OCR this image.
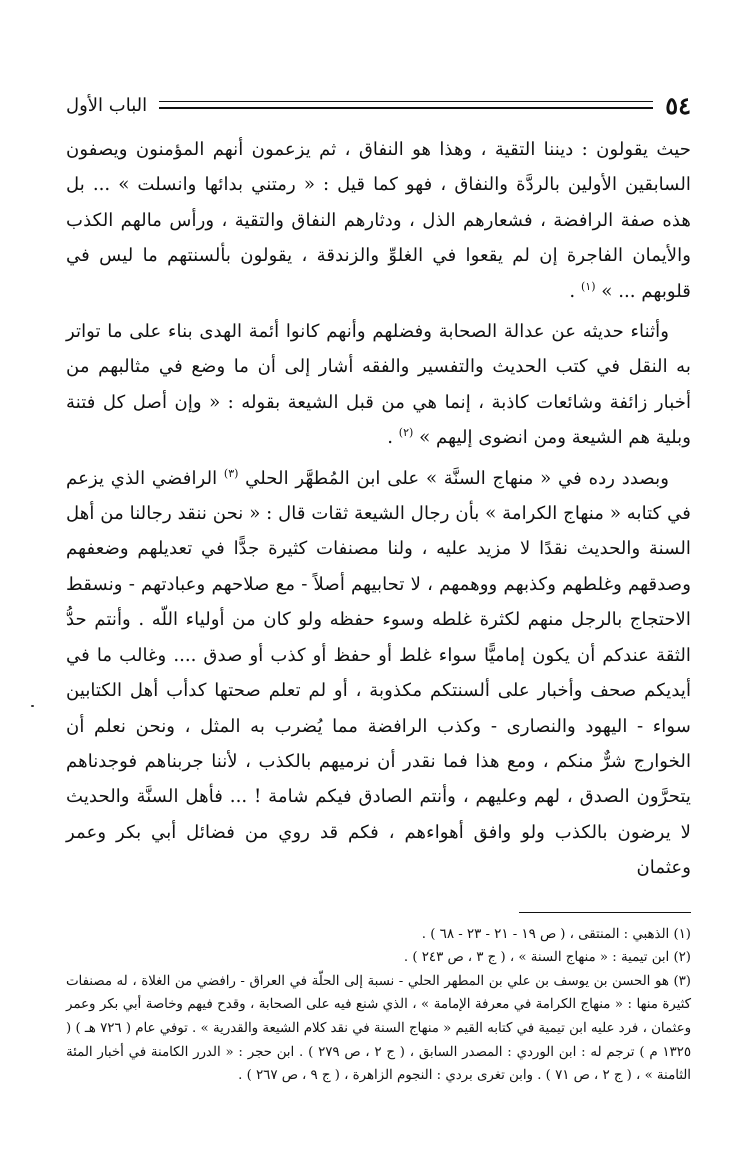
٥٤
الباب الأول

حيث يقولون : ديننا التقية ، وهذا هو النفاق ، ثم يزعمون أنهم المؤمنون ويصفون السابقين الأولين بالردَّة والنفاق ، فهو كما قيل : « رمتني بدائها وانسلت » ... بل هذه صفة الرافضة ، فشعارهم الذل ، ودثارهم النفاق والتقية ، ورأس مالهم الكذب والأيمان الفاجرة إن لم يقعوا في الغلوِّ والزندقة ، يقولون بألسنتهم ما ليس في قلوبهم ... » $^{(١)}$ .

وأثناء حديثه عن عدالة الصحابة وفضلهم وأنهم كانوا أئمة الهدى بناء على ما تواتر به النقل في كتب الحديث والتفسير والفقه أشار إلى أن ما وضع في مثالبهم من أخبار زائفة وشائعات كاذبة ، إنما هي من قبل الشيعة بقوله : « وإن أصل كل فتنة وبلية هم الشيعة ومن انضوى إليهم » $^{(٢)}$ .

وبصدد رده في « منهاج السنَّة » على ابن المُطهَّر الحلي $^{(٣)}$ الرافضي الذي يزعم في كتابه « منهاج الكرامة » بأن رجال الشيعة ثقات قال : « نحن ننقد رجالنا من أهل السنة والحديث نقدًا لا مزيد عليه ، ولنا مصنفات كثيرة جدًّا في تعديلهم وضعفهم وصدقهم وغلطهم وكذبهم ووهمهم ، لا تحابيهم أصلاً - مع صلاحهم وعبادتهم - ونسقط الاحتجاج بالرجل منهم لكثرة غلطه وسوء حفظه ولو كان من أولياء اللّه . وأنتم حدُّ الثقة عندكم أن يكون إماميًّا سواء غلط أو حفظ أو كذب أو صدق .... وغالب ما في أيديكم صحف وأخبار على ألسنتكم مكذوبة ، أو لم تعلم صحتها كدأب أهل الكتابين سواء - اليهود والنصارى - وكذب الرافضة مما يُضرب به المثل ، ونحن نعلم أن الخوارج شرٌّ منكم ، ومع هذا فما نقدر أن نرميهم بالكذب ، لأننا جربناهم فوجدناهم يتحرَّون الصدق ، لهم وعليهم ، وأنتم الصادق فيكم شامة ! ... فأهل السنَّة والحديث لا يرضون بالكذب ولو وافق أهواءهم ، فكم قد روي من فضائل أبي بكر وعمر وعثمان

(١) الذهبي : المنتقى ، ( ص ١٩ - ٢١ - ٢٣ - ٦٨ ) .

(٢) ابن تيمية : « منهاج السنة » ، ( ج ٣ ، ص ٢٤٣ ) .

(٣) هو الحسن بن يوسف بن علي بن المطهر الحلي - نسبة إلى الحلّة في العراق - رافضي من الغلاة ، له مصنفات كثيرة منها : « منهاج الكرامة في معرفة الإمامة » ، الذي شنع فيه على الصحابة ، وقدح فيهم وخاصة أبي بكر وعمر وعثمان ، فرد عليه ابن تيمية في كتابه القيم « منهاج السنة في نقد كلام الشيعة والقدرية » . توفي عام ( ٧٢٦ هـ ) ( ١٣٢٥ م ) ترجم له : ابن الوردي : المصدر السابق ، ( ج ٢ ، ص ٢٧٩ ) . ابن حجر : « الدرر الكامنة في أخبار المئة الثامنة » ، ( ج ٢ ، ص ٧١ ) . وابن تغرى بردي : النجوم الزاهرة ، ( ج ٩ ، ص ٢٦٧ ) .
